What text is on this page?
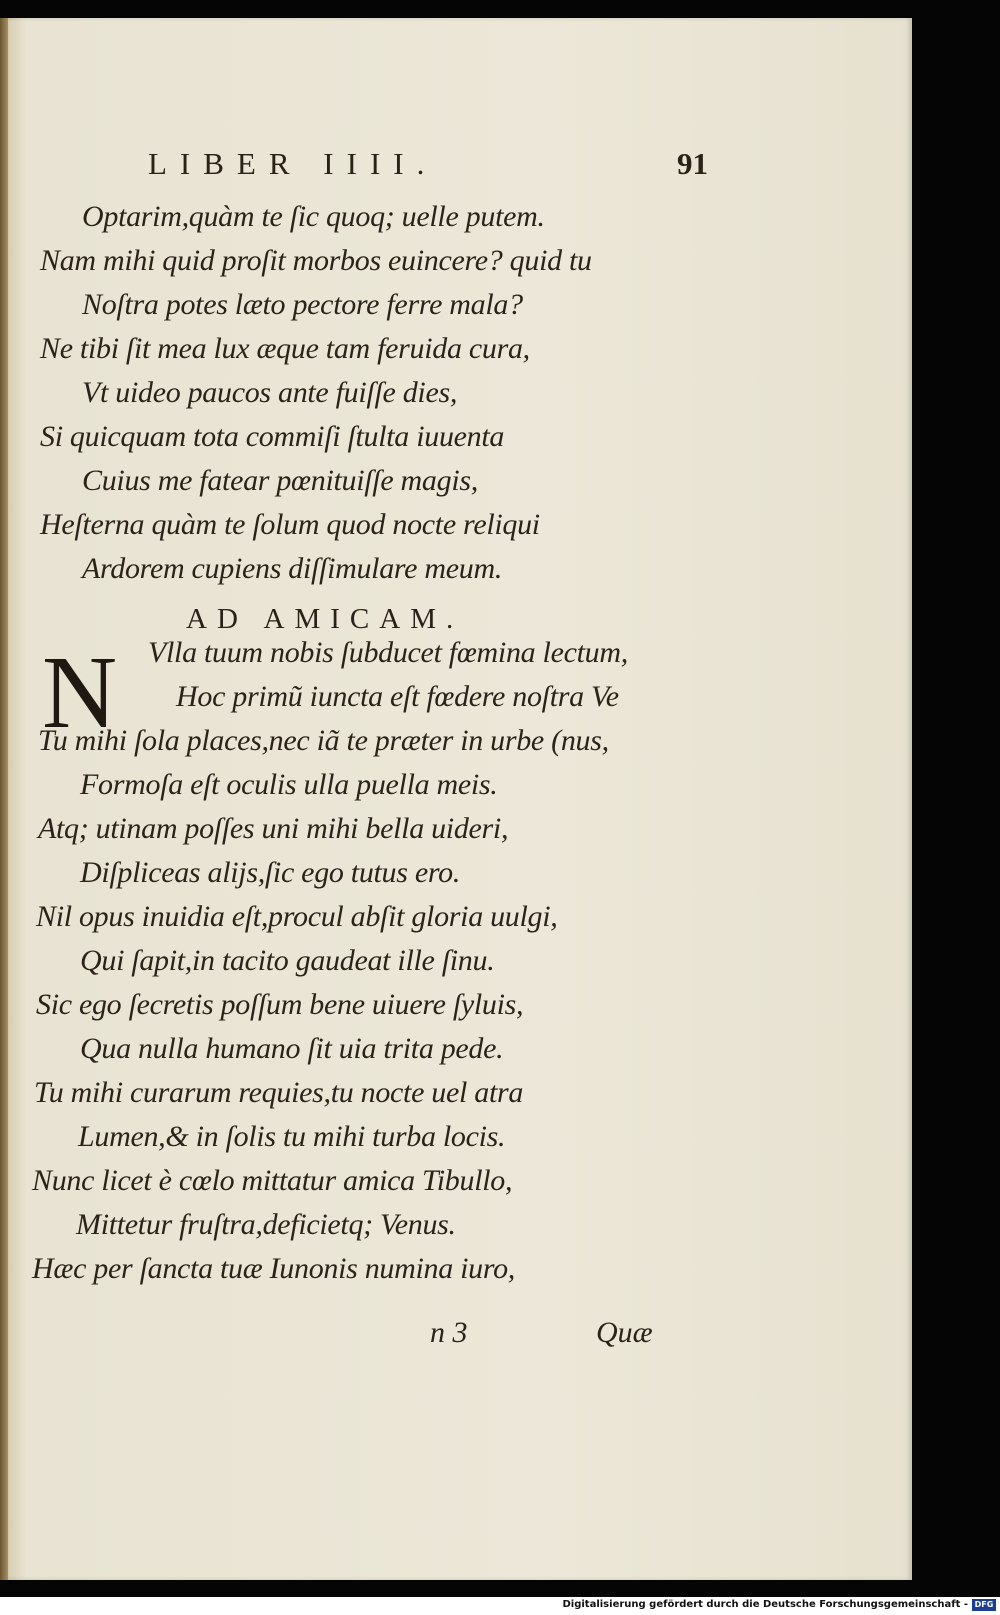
LIBER IIII.	91
Optarim,quàm te ſic quoq; uelle putem.
Nam mihi quid proſit morbos euincere? quid tu
Noſtra potes læto pectore ferre mala?
Ne tibi ſit mea lux æque tam feruida cura,
Vt uideo paucos ante fuiſſe dies,
Si quicquam tota commiſi ſtulta iuuenta
Cuius me fatear pœnituiſſe magis,
Heſterna quàm te ſolum quod nocte reliqui
Ardorem cupiens diſſimulare meum.
AD AMICAM.
N Vlla tuum nobis ſubducet fœmina lectum,
Hoc primũ iuncta eſt fœdere noſtra Ve
Tu mihi ſola places,nec iã te præter in urbe (nus,
Formoſa eſt oculis ulla puella meis.
Atq; utinam poſſes uni mihi bella uideri,
Diſpliceas alijs,ſic ego tutus ero.
Nil opus inuidia eſt,procul abſit gloria uulgi,
Qui ſapit,in tacito gaudeat ille ſinu.
Sic ego ſecretis poſſum bene uiuere ſyluis,
Qua nulla humano ſit uia trita pede.
Tu mihi curarum requies,tu nocte uel atra
Lumen,& in ſolis tu mihi turba locis.
Nunc licet è cœlo mittatur amica Tibullo,
Mittetur fruſtra,deficietq; Venus.
Hæc per ſancta tuæ Iunonis numina iuro,
n 3	Quæ
Digitalisierung gefördert durch die Deutsche Forschungsgemeinschaft - DFG
